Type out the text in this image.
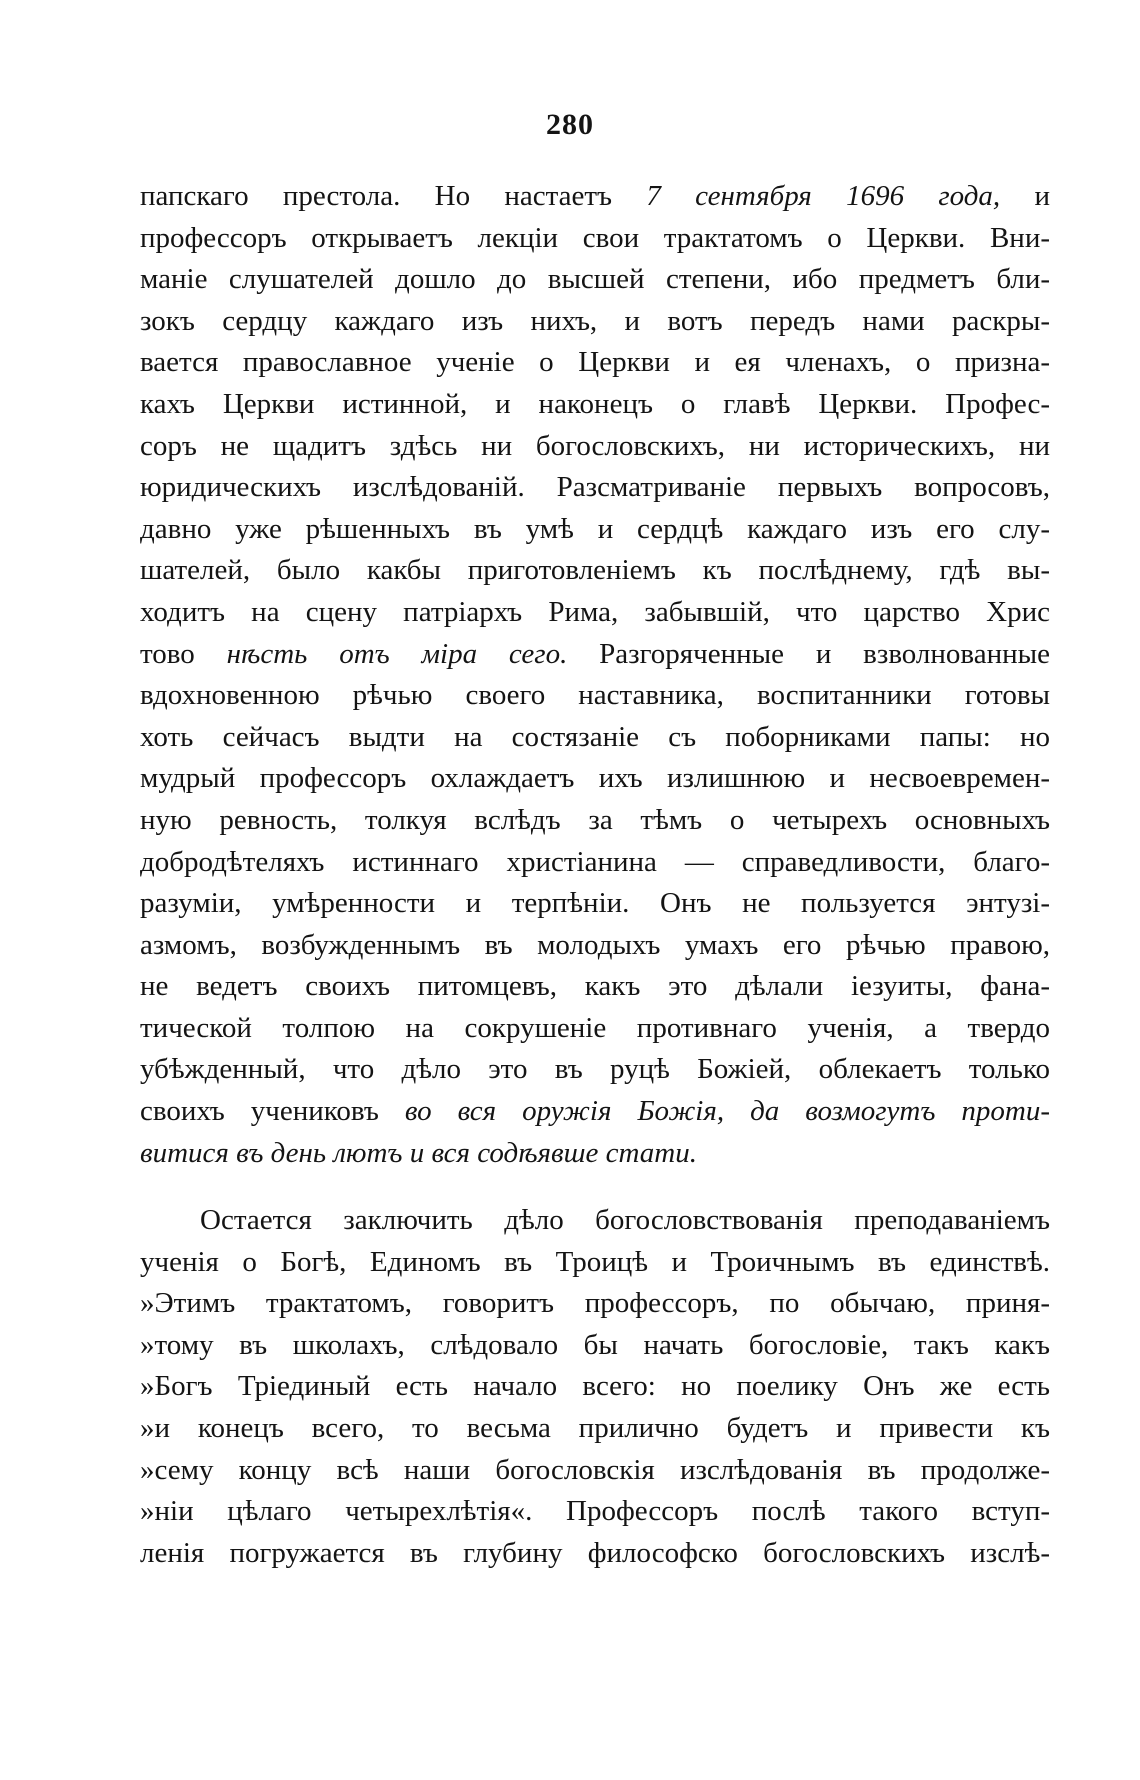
280
папскаго престола. Но настаетъ 7 сентября 1696 года, и
профессоръ открываетъ лекціи свои трактатомъ о Церкви. Вни-
маніе слушателей дошло до высшей степени, ибо предметъ бли-
зокъ сердцу каждаго изъ нихъ, и вотъ передъ нами раскры-
вается православное ученіе о Церкви и ея членахъ, о призна-
кахъ Церкви истинной, и наконецъ о главѣ Церкви. Профес-
соръ не щадитъ здѣсь ни богословскихъ, ни историческихъ, ни
юридическихъ изслѣдованій. Разсматриваніе первыхъ вопросовъ,
давно уже рѣшенныхъ въ умѣ и сердцѣ каждаго изъ его слу-
шателей, было какбы приготовленіемъ къ послѣднему, гдѣ вы-
ходитъ на сцену патріархъ Рима, забывшій, что царство Хрис
тово нѣсть отъ міра сего. Разгоряченные и взволнованные
вдохновенною рѣчью своего наставника, воспитанники готовы
хоть сейчасъ выдти на состязаніе съ поборниками папы: но
мудрый профессоръ охлаждаетъ ихъ излишнюю и несвоевремен-
ную ревность, толкуя вслѣдъ за тѣмъ о четырехъ основныхъ
добродѣтеляхъ истиннаго христіанина — справедливости, благо-
разуміи, умѣренности и терпѣніи. Онъ не пользуется энтузі-
азмомъ, возбужденнымъ въ молодыхъ умахъ его рѣчью правою,
не ведетъ своихъ питомцевъ, какъ это дѣлали іезуиты, фана-
тической толпою на сокрушеніе противнаго ученія, а твердо
убѣжденный, что дѣло это въ руцѣ Божіей, облекаетъ только
своихъ учениковъ во вся оружія Божія, да возмогутъ проти-
витися въ день лютъ и вся содѣявше стати.
Остается заключить дѣло богословствованія преподаваніемъ
ученія о Богѣ, Единомъ въ Троицѣ и Троичнымъ въ единствѣ.
»Этимъ трактатомъ, говоритъ профессоръ, по обычаю, приня-
»тому въ школахъ, слѣдовало бы начать богословіе, такъ какъ
»Богъ Тріединый есть начало всего: но поелику Онъ же есть
»и конецъ всего, то весьма прилично будетъ и привести къ
»сему концу всѣ наши богословскія изслѣдованія въ продолже-
»ніи цѣлаго четырехлѣтія«. Профессоръ послѣ такого вступ-
ленія погружается въ глубину философско богословскихъ изслѣ-
